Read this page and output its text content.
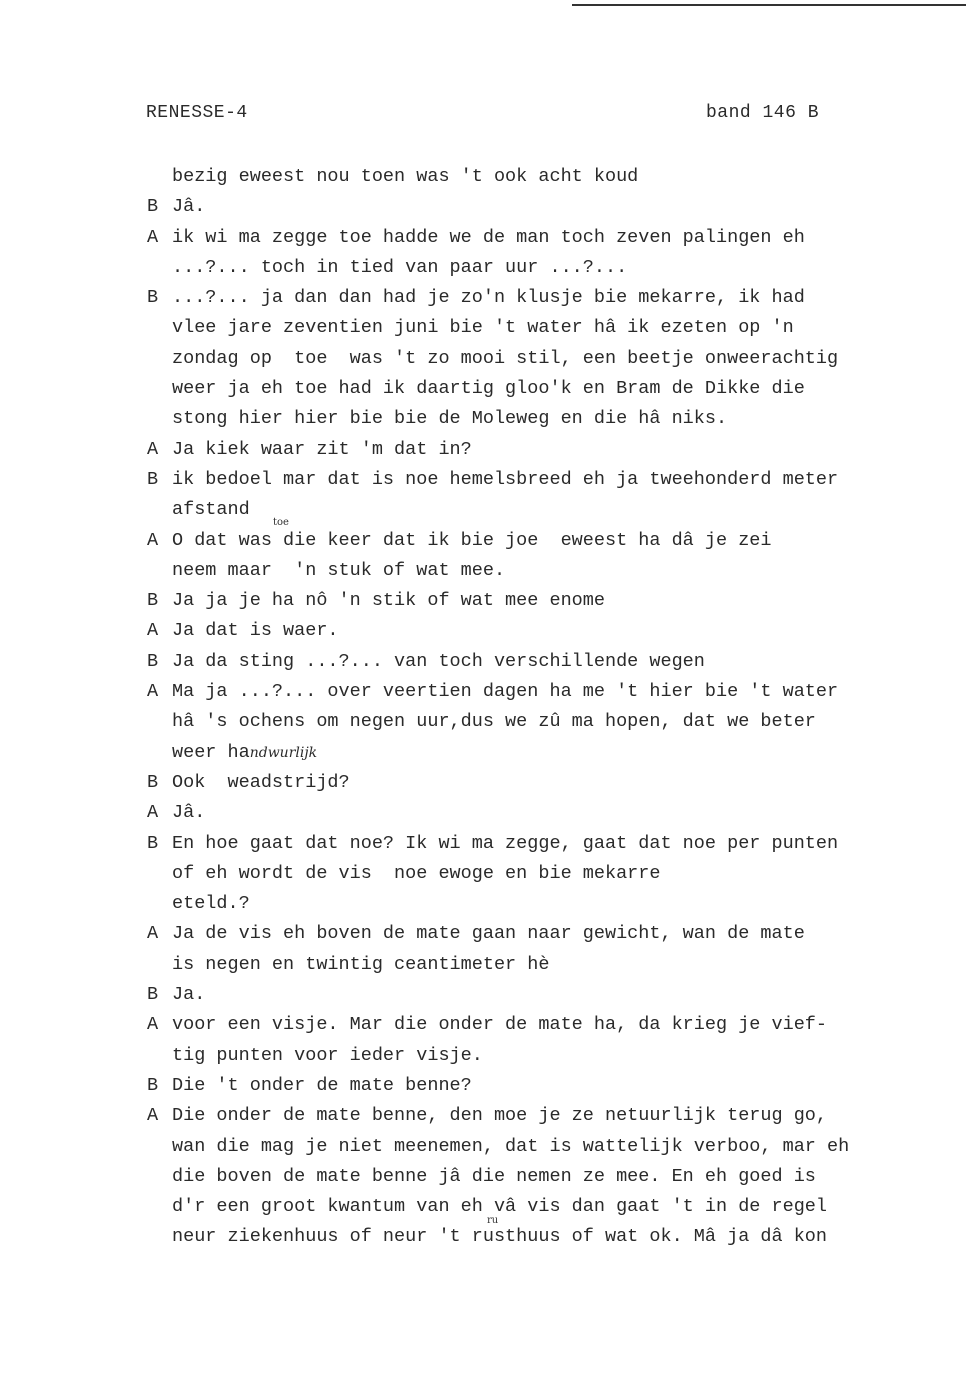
RENESSE-4	band 146 B
bezig eweest nou toen was 't ook acht koud
B Jâ.
A ik wi ma zegge toe hadde we de man toch zeven palingen eh
...?... toch in tied van paar uur ...?...
B ...?... ja dan dan had je zo'n klusje bie mekarre, ik had
vlee jare zeventien juni bie 't water hâ ik ezeten op 'n
zondag op  toe  was 't zo mooi stil, een beetje onweerachtig
weer ja eh toe had ik daartig gloo'k en Bram de Dikke die
stong hier hier bie bie de Moleweg en die hâ niks.
A Ja kiek waar zit 'm dat in?
B ik bedoel mar dat is noe hemelsbreed eh ja tweehonderd meter
afstand
A O dat was die keer dat ik bie joe  eweest ha dâ je zei
neem maar  'n stuk of wat mee.
B Ja ja je ha nô 'n stik of wat mee enome
A Ja dat is waer.
B Ja da sting ...?... van toch verschillende wegen
A Ma ja ...?... over veertien dagen ha me 't hier bie 't water
hâ 's ochens om negen uur,dus we zû ma hopen, dat we beter
weer handwurlijk
B Ook  weadstrijd?
A Jâ.
B En hoe gaat dat noe? Ik wi ma zegge, gaat dat noe per punten
of eh wordt de vis  noe ewoge en bie mekarre
eteld.?
A Ja de vis eh boven de mate gaan naar gewicht, wan de mate
is negen en twintig ceantimeter hè
B Ja.
A voor een visje. Mar die onder de mate ha, da krieg je vief-
tig punten voor ieder visje.
B Die 't onder de mate benne?
A Die onder de mate benne, den moe je ze netuurlijk terug go,
wan die mag je niet meenemen, dat is wattelijk verboo, mar eh
die boven de mate benne jâ die nemen ze mee. En eh goed is
d'r een groot kwantum van eh vâ vis dan gaat 't in de regel
neur ziekenhuus of neur 't rusthuus of wat ok. Mâ ja dâ kon
toe
ru
